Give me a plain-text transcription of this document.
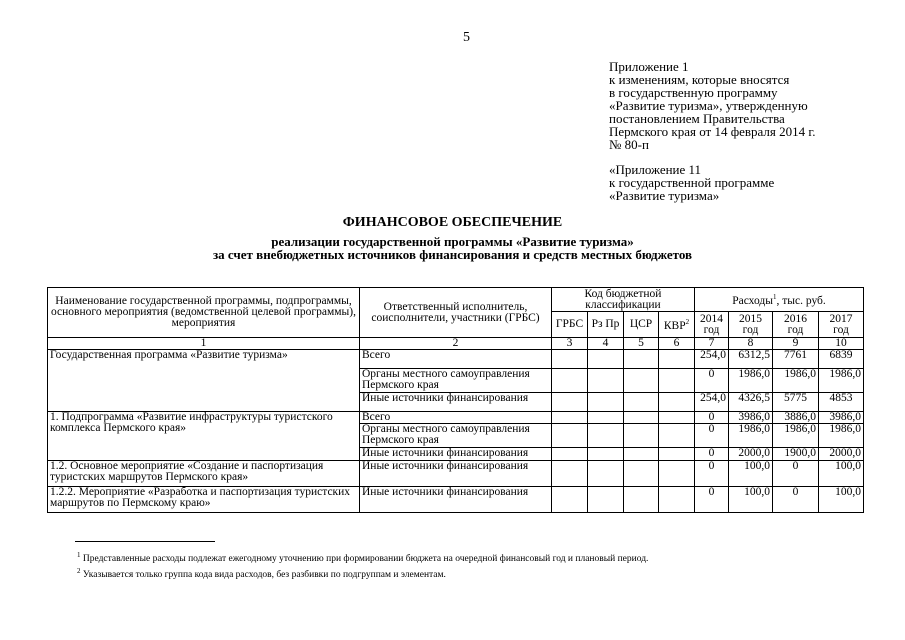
5
Приложение 1
к изменениям, которые вносятся
в государственную программу
«Развитие туризма», утвержденную
постановлением Правительства
Пермского края от 14 февраля 2014 г.
№ 80-п
«Приложение 11
к государственной программе
«Развитие туризма»
ФИНАНСОВОЕ ОБЕСПЕЧЕНИЕ
реализации государственной программы «Развитие туризма»
за счет внебюджетных источников финансирования и средств местных бюджетов
Наименование государственной программы, подпрограммы, основного мероприятия (ведомственной целевой программы), мероприятия	Ответственный исполнитель, соисполнители, участники (ГРБС)	Код бюджетной классификации				Расходы$^1$, тыс. руб.			
		ГРБС	Рз Пр	ЦСР	КВР$^2$	2014 год	2015 год	2016 год	2017 год
1	2	3	4	5	6	7	8	9	10
Государственная программа «Развитие туризма»	Всего					254,0	6312,5	7761	6839
	Органы местного самоуправления Пермского края					0	1986,0	1986,0	1986,0
	Иные источники финансирования					254,0	4326,5	5775	4853
1. Подпрограмма «Развитие инфраструктуры туристского комплекса Пермского края»	Всего					0	3986,0	3886,0	3986,0
	Органы местного самоуправления Пермского края					0	1986,0	1986,0	1986,0
	Иные источники финансирования					0	2000,0	1900,0	2000,0
1.2. Основное мероприятие «Создание и паспортизация туристских маршрутов Пермского края»	Иные источники финансирования					0	100,0	0	100,0
1.2.2. Мероприятие «Разработка и паспортизация туристских маршрутов по Пермскому краю»	Иные источники финансирования					0	100,0	0	100,0
$^1$ Представленные расходы подлежат ежегодному уточнению при формировании бюджета на очередной финансовый год и плановый период.
$^2$ Указывается только группа кода вида расходов, без разбивки по подгруппам и элементам.
